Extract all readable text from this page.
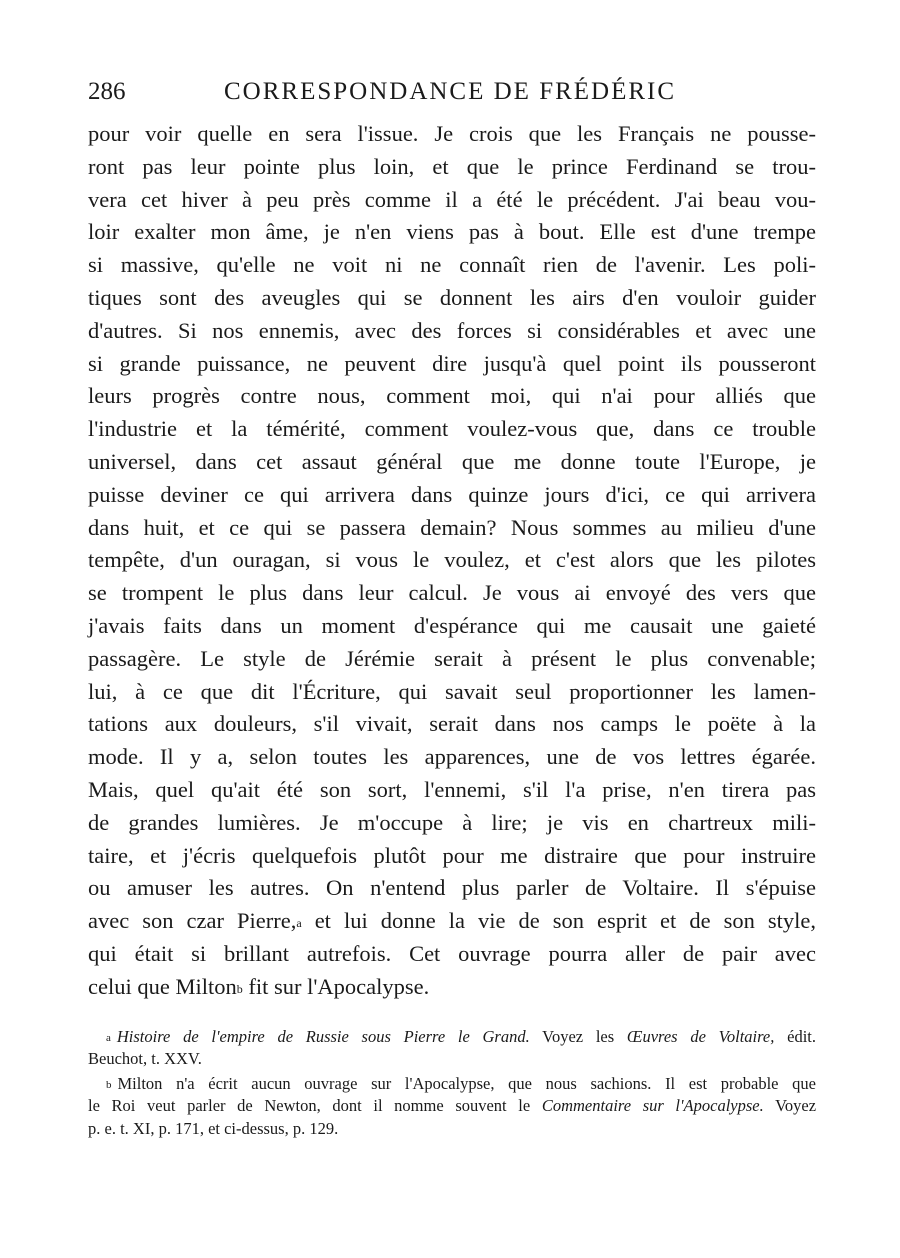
286	CORRESPONDANCE DE FRÉDÉRIC
pour voir quelle en sera l'issue. Je crois que les Français ne pousse-
ront pas leur pointe plus loin, et que le prince Ferdinand se trou-
vera cet hiver à peu près comme il a été le précédent. J'ai beau vou-
loir exalter mon âme, je n'en viens pas à bout. Elle est d'une trempe
si massive, qu'elle ne voit ni ne connaît rien de l'avenir. Les poli-
tiques sont des aveugles qui se donnent les airs d'en vouloir guider
d'autres. Si nos ennemis, avec des forces si considérables et avec une
si grande puissance, ne peuvent dire jusqu'à quel point ils pousseront
leurs progrès contre nous, comment moi, qui n'ai pour alliés que
l'industrie et la témérité, comment voulez-vous que, dans ce trouble
universel, dans cet assaut général que me donne toute l'Europe, je
puisse deviner ce qui arrivera dans quinze jours d'ici, ce qui arrivera
dans huit, et ce qui se passera demain? Nous sommes au milieu d'une
tempête, d'un ouragan, si vous le voulez, et c'est alors que les pilotes
se trompent le plus dans leur calcul. Je vous ai envoyé des vers que
j'avais faits dans un moment d'espérance qui me causait une gaieté
passagère. Le style de Jérémie serait à présent le plus convenable;
lui, à ce que dit l'Écriture, qui savait seul proportionner les lamen-
tations aux douleurs, s'il vivait, serait dans nos camps le poëte à la
mode. Il y a, selon toutes les apparences, une de vos lettres égarée.
Mais, quel qu'ait été son sort, l'ennemi, s'il l'a prise, n'en tirera pas
de grandes lumières. Je m'occupe à lire; je vis en chartreux mili-
taire, et j'écris quelquefois plutôt pour me distraire que pour instruire
ou amuser les autres. On n'entend plus parler de Voltaire. Il s'épuise
avec son czar Pierre,$^a$ et lui donne la vie de son esprit et de son style,
qui était si brillant autrefois. Cet ouvrage pourra aller de pair avec
celui que Milton$^b$ fit sur l'Apocalypse.
$^a$ Histoire de l'empire de Russie sous Pierre le Grand. Voyez les Œuvres de Voltaire, édit.
Beuchot, t. XXV.
$^b$ Milton n'a écrit aucun ouvrage sur l'Apocalypse, que nous sachions. Il est probable que
le Roi veut parler de Newton, dont il nomme souvent le Commentaire sur l'Apocalypse. Voyez
p. e. t. XI, p. 171, et ci-dessus, p. 129.
